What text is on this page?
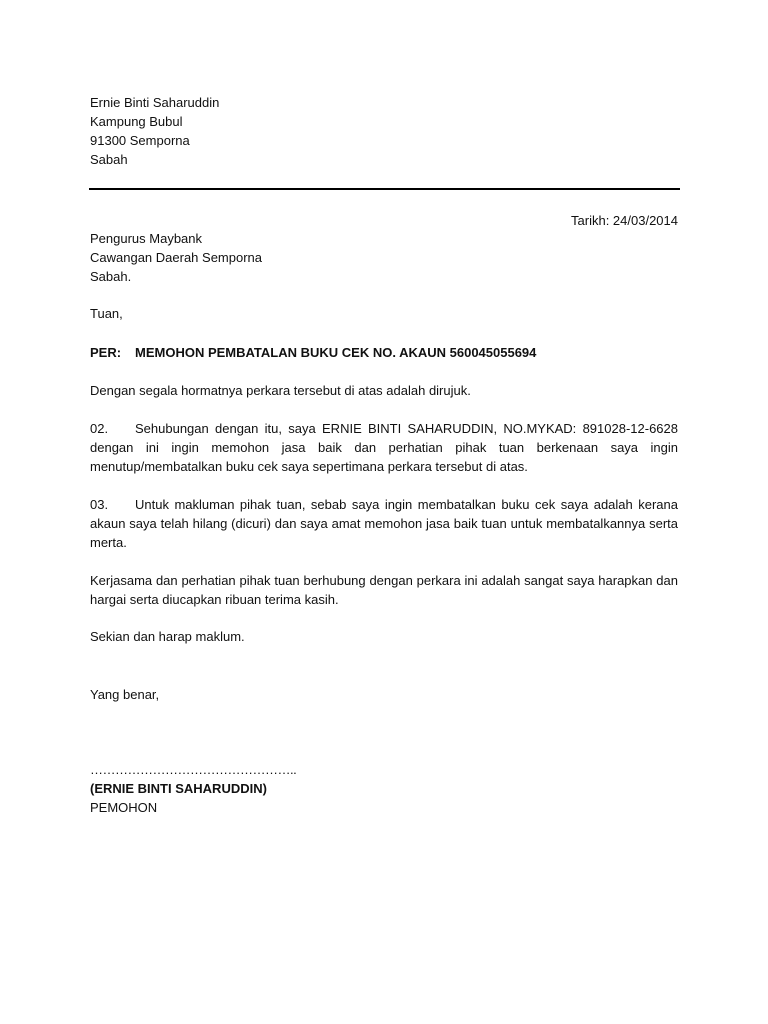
Ernie Binti Saharuddin
Kampung Bubul
91300 Semporna
Sabah
Tarikh: 24/03/2014
Pengurus Maybank
Cawangan Daerah Semporna
Sabah.
Tuan,
PER: MEMOHON PEMBATALAN BUKU CEK NO. AKAUN 560045055694
Dengan segala hormatnya perkara tersebut di atas adalah dirujuk.
02. Sehubungan dengan itu, saya ERNIE BINTI SAHARUDDIN, NO.MYKAD: 891028-12-6628 dengan ini ingin memohon jasa baik dan perhatian pihak tuan berkenaan saya ingin menutup/membatalkan buku cek saya sepertimana perkara tersebut di atas.
03. Untuk makluman pihak tuan, sebab saya ingin membatalkan buku cek saya adalah kerana akaun saya telah hilang (dicuri) dan saya amat memohon jasa baik tuan untuk membatalkannya serta merta.
Kerjasama dan perhatian pihak tuan berhubung dengan perkara ini adalah sangat saya harapkan dan hargai serta diucapkan ribuan terima kasih.
Sekian dan harap maklum.
Yang benar,
…………………………………………..
(ERNIE BINTI SAHARUDDIN)
PEMOHON
